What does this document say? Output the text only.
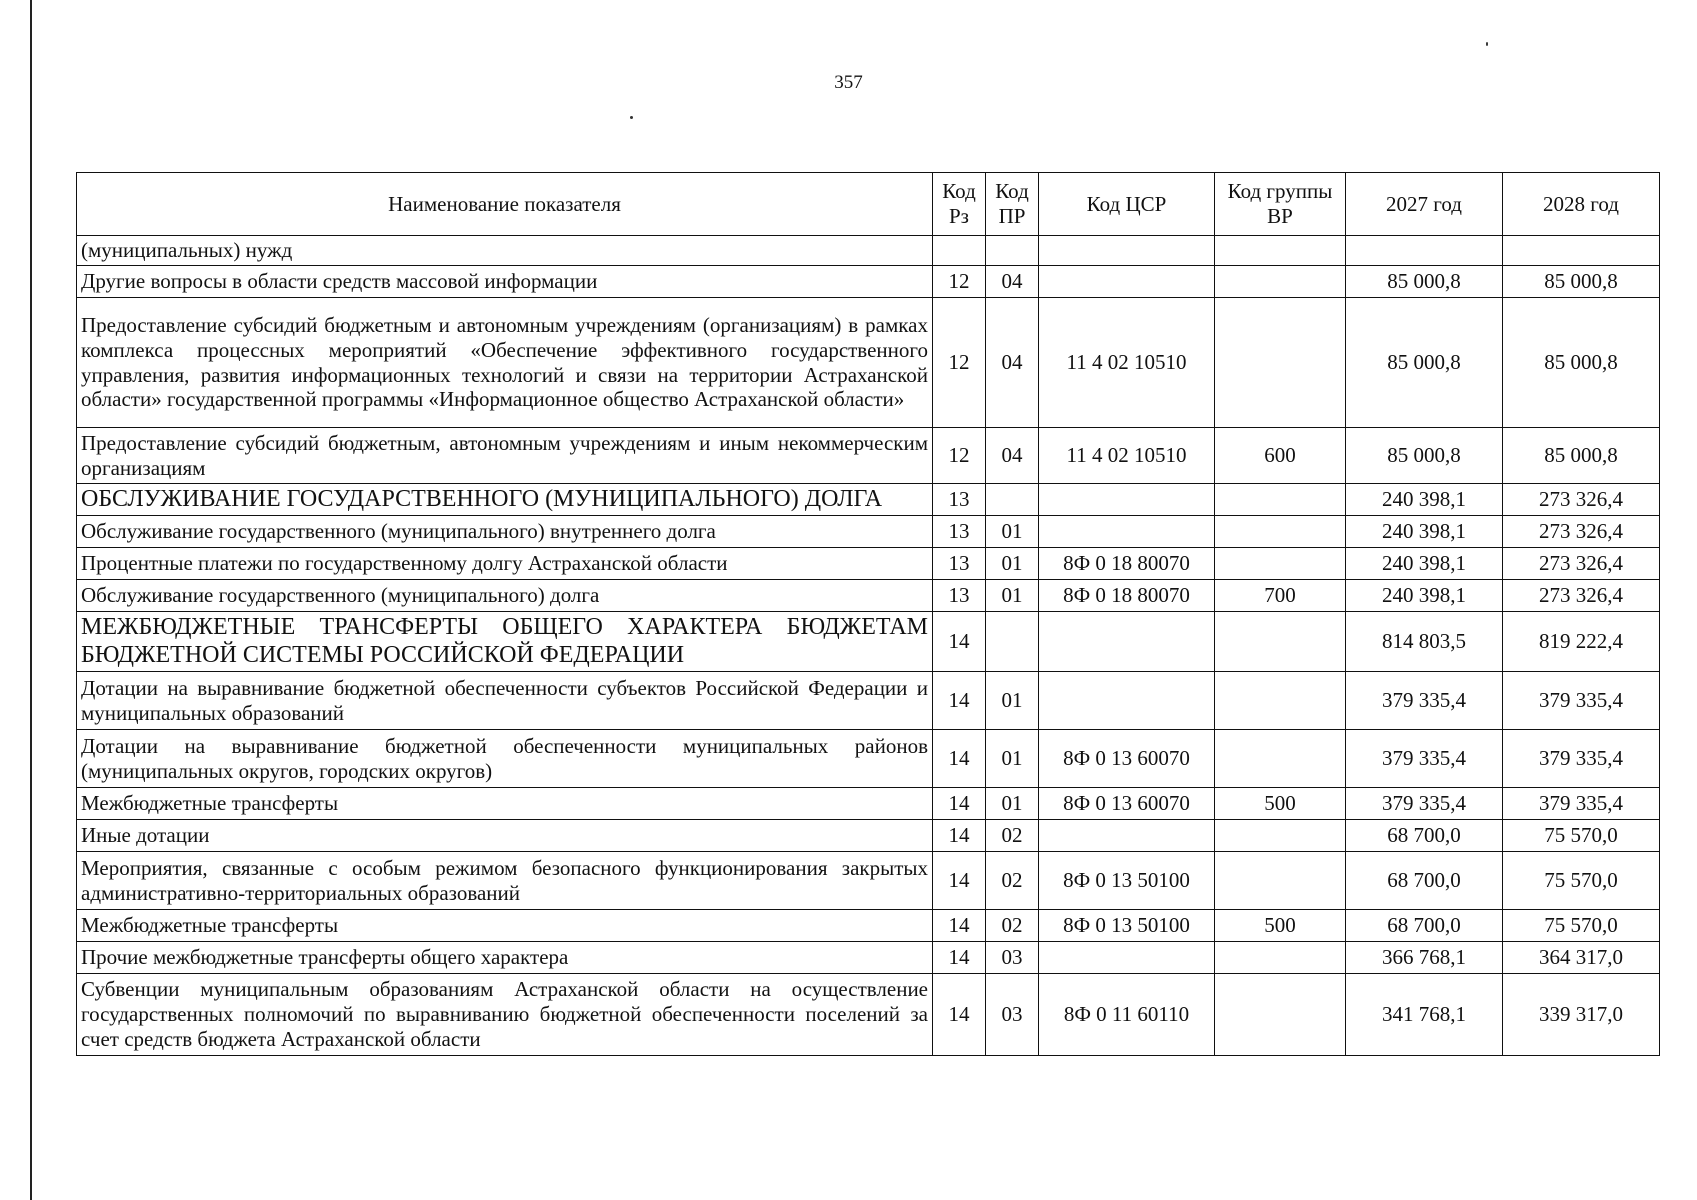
357
Наименование показателя	Код Рз	Код ПР	Код ЦСР	Код группы ВР	2027 год	2028 год
(муниципальных) нужд						
Другие вопросы в области средств массовой информации	12	04			85 000,8	85 000,8
Предоставление субсидий бюджетным и автономным учреждениям (организациям) в рамках комплекса процессных мероприятий «Обеспечение эффективного государственного управления, развития информационных технологий и связи на территории Астраханской области» государственной программы «Информационное общество Астраханской области»	12	04	11 4 02 10510		85 000,8	85 000,8
Предоставление субсидий бюджетным, автономным учреждениям и иным некоммерческим организациям	12	04	11 4 02 10510	600	85 000,8	85 000,8
ОБСЛУЖИВАНИЕ ГОСУДАРСТВЕННОГО (МУНИЦИПАЛЬНОГО) ДОЛГА	13				240 398,1	273 326,4
Обслуживание государственного (муниципального) внутреннего долга	13	01			240 398,1	273 326,4
Процентные платежи по государственному долгу Астраханской области	13	01	8Ф 0 18 80070		240 398,1	273 326,4
Обслуживание государственного (муниципального) долга	13	01	8Ф 0 18 80070	700	240 398,1	273 326,4
МЕЖБЮДЖЕТНЫЕ ТРАНСФЕРТЫ ОБЩЕГО ХАРАКТЕРА БЮДЖЕТАМ БЮДЖЕТНОЙ СИСТЕМЫ РОССИЙСКОЙ ФЕДЕРАЦИИ	14				814 803,5	819 222,4
Дотации на выравнивание бюджетной обеспеченности субъектов Российской Федерации и муниципальных образований	14	01			379 335,4	379 335,4
Дотации на выравнивание бюджетной обеспеченности муниципальных районов (муниципальных округов, городских округов)	14	01	8Ф 0 13 60070		379 335,4	379 335,4
Межбюджетные трансферты	14	01	8Ф 0 13 60070	500	379 335,4	379 335,4
Иные дотации	14	02			68 700,0	75 570,0
Мероприятия, связанные с особым режимом безопасного функционирования закрытых административно-территориальных образований	14	02	8Ф 0 13 50100		68 700,0	75 570,0
Межбюджетные трансферты	14	02	8Ф 0 13 50100	500	68 700,0	75 570,0
Прочие межбюджетные трансферты общего характера	14	03			366 768,1	364 317,0
Субвенции муниципальным образованиям Астраханской области на осуществление государственных полномочий по выравниванию бюджетной обеспеченности поселений за счет средств бюджета Астраханской области	14	03	8Ф 0 11 60110		341 768,1	339 317,0
